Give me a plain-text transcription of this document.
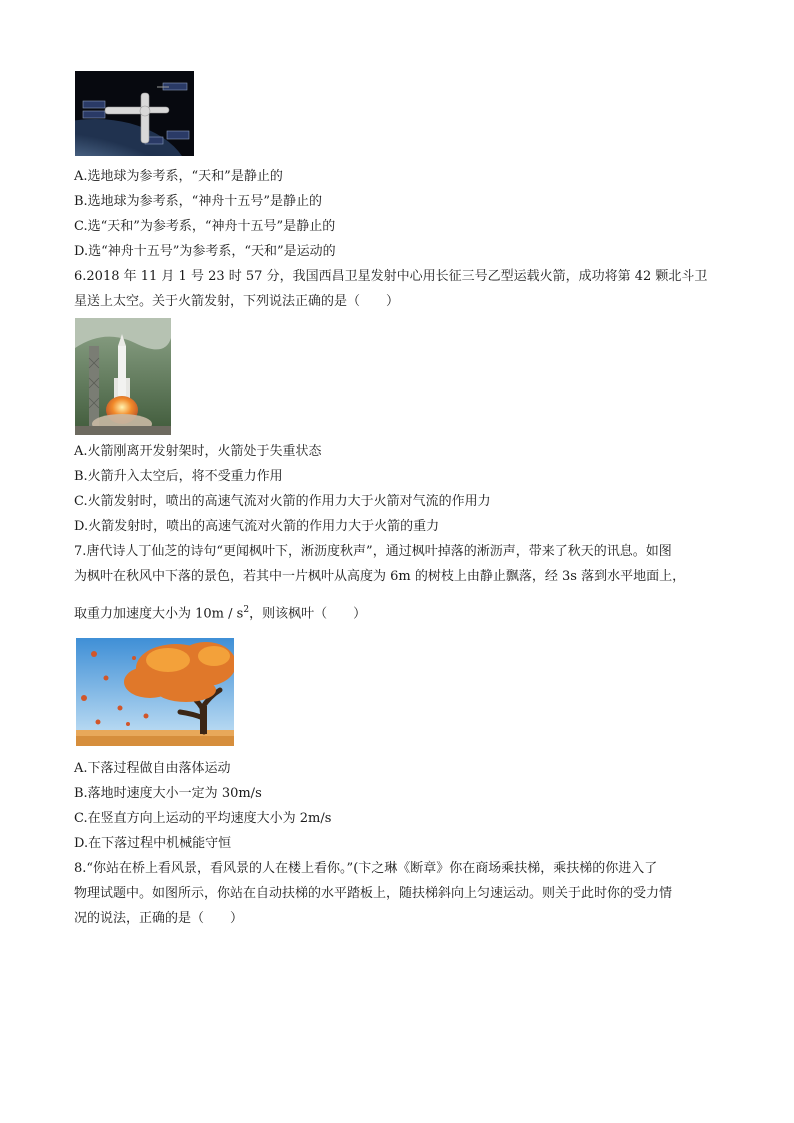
A.选地球为参考系，“天和”是静止的
B.选地球为参考系，“神舟十五号”是静止的
C.选“天和”为参考系，“神舟十五号”是静止的
D.选“神舟十五号”为参考系，“天和”是运动的
6.2018 年 11 月 1 号 23 时 57 分，我国西昌卫星发射中心用长征三号乙型运载火箭，成功将第 42 颗北斗卫
星送上太空。关于火箭发射，下列说法正确的是（　　）
A.火箭刚离开发射架时，火箭处于失重状态
B.火箭升入太空后，将不受重力作用
C.火箭发射时，喷出的高速气流对火箭的作用力大于火箭对气流的作用力
D.火箭发射时，喷出的高速气流对火箭的作用力大于火箭的重力
7.唐代诗人丁仙芝的诗句“更闻枫叶下，淅沥度秋声”，通过枫叶掉落的淅沥声，带来了秋天的讯息。如图
为枫叶在秋风中下落的景色，若其中一片枫叶从高度为 6m 的树枝上由静止飘落，经 3s 落到水平地面上，
取重力加速度大小为 $10m / s^2$，则该枫叶（　　）
A.下落过程做自由落体运动
B.落地时速度大小一定为 30m/s
C.在竖直方向上运动的平均速度大小为 2m/s
D.在下落过程中机械能守恒
8.“你站在桥上看风景，看风景的人在楼上看你。”(卞之琳《断章》你在商场乘扶梯，乘扶梯的你进入了
物理试题中。如图所示，你站在自动扶梯的水平踏板上，随扶梯斜向上匀速运动。则关于此时你的受力情
况的说法，正确的是（　　）
